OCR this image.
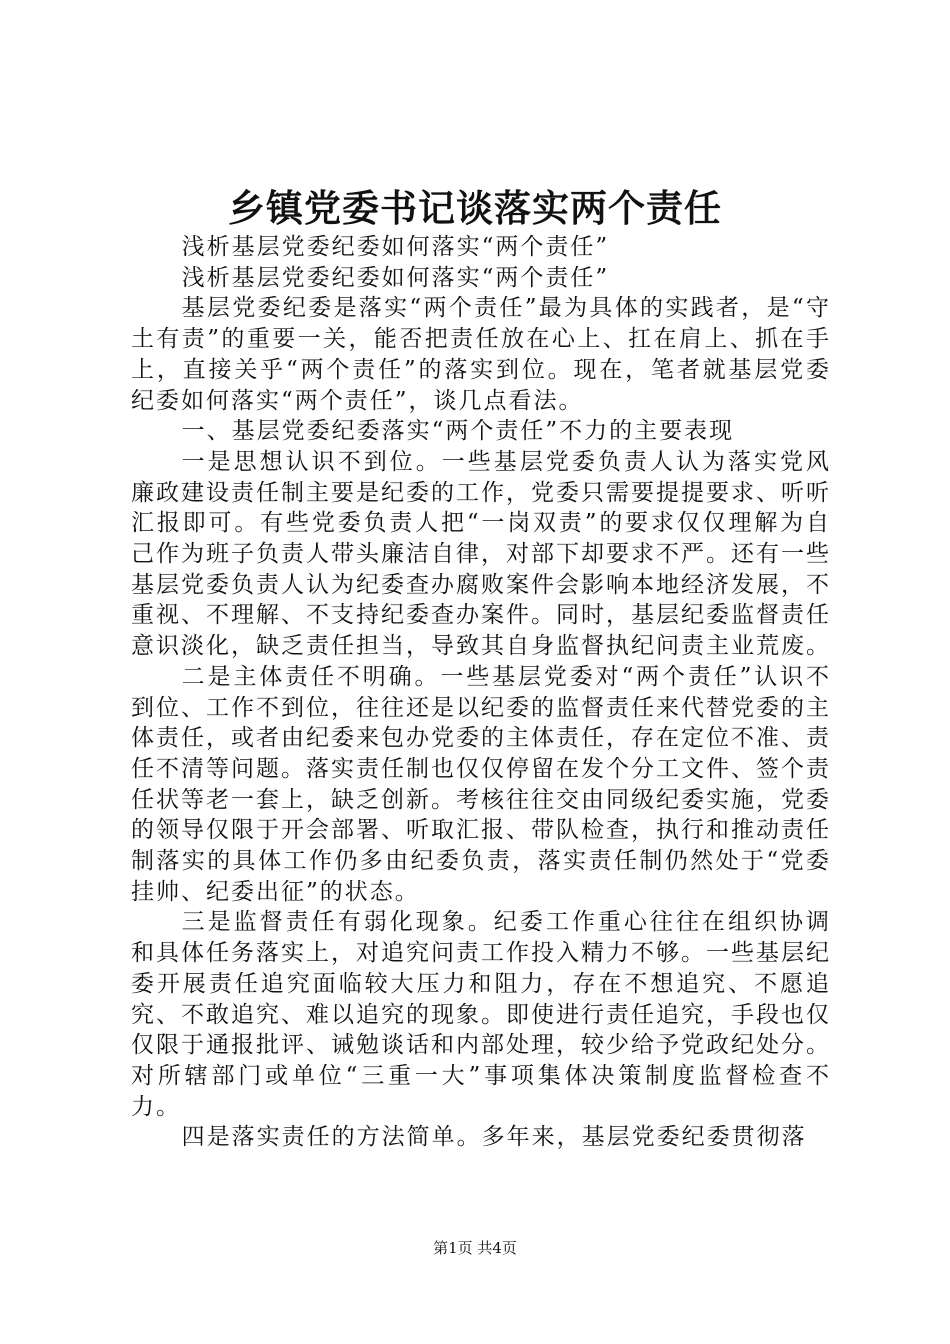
乡镇党委书记谈落实两个责任

浅析基层党委纪委如何落实“两个责任”

浅析基层党委纪委如何落实“两个责任”

基层党委纪委是落实“两个责任”最为具体的实践者，是“守土有责”的重要一关，能否把责任放在心上、扛在肩上、抓在手上，直接关乎“两个责任”的落实到位。现在，笔者就基层党委纪委如何落实“两个责任”，谈几点看法。

一、基层党委纪委落实“两个责任”不力的主要表现

一是思想认识不到位。一些基层党委负责人认为落实党风廉政建设责任制主要是纪委的工作，党委只需要提提要求、听听汇报即可。有些党委负责人把“一岗双责”的要求仅仅理解为自己作为班子负责人带头廉洁自律，对部下却要求不严。还有一些基层党委负责人认为纪委查办腐败案件会影响本地经济发展，不重视、不理解、不支持纪委查办案件。同时，基层纪委监督责任意识淡化，缺乏责任担当，导致其自身监督执纪问责主业荒废。

二是主体责任不明确。一些基层党委对“两个责任”认识不到位、工作不到位，往往还是以纪委的监督责任来代替党委的主体责任，或者由纪委来包办党委的主体责任，存在定位不准、责任不清等问题。落实责任制也仅仅停留在发个分工文件、签个责任状等老一套上，缺乏创新。考核往往交由同级纪委实施，党委的领导仅限于开会部署、听取汇报、带队检查，执行和推动责任制落实的具体工作仍多由纪委负责，落实责任制仍然处于“党委挂帅、纪委出征”的状态。

三是监督责任有弱化现象。纪委工作重心往往在组织协调和具体任务落实上，对追究问责工作投入精力不够。一些基层纪委开展责任追究面临较大压力和阻力，存在不想追究、不愿追究、不敢追究、难以追究的现象。即使进行责任追究，手段也仅仅限于通报批评、诫勉谈话和内部处理，较少给予党政纪处分。对所辖部门或单位“三重一大”事项集体决策制度监督检查不力。

四是落实责任的方法简单。多年来，基层党委纪委贯彻落

第1页 共4页
